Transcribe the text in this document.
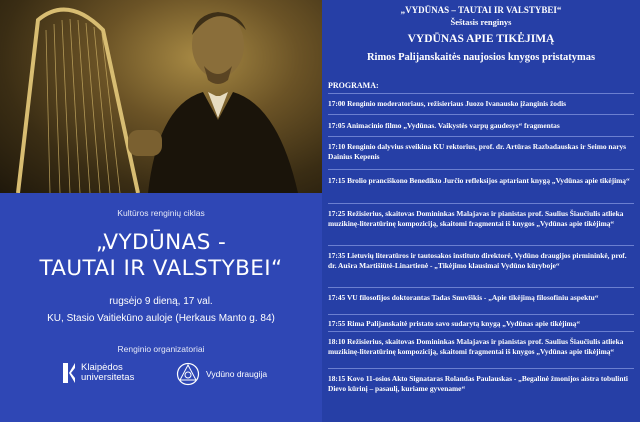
Kultūros renginių ciklas
„VYDŪNAS -
TAUTAI IR VALSTYBEI“
rugsėjo 9 dieną, 17 val.
KU, Stasio Vaitiekūno auloje (Herkaus Manto g. 84)
Renginio organizatoriai
Klaipėdos
universitetas	Vydūno draugija
„VYDŪNAS – TAUTAI IR VALSTYBEI“
Šeštasis renginys
VYDŪNAS APIE TIKĖJIMĄ
Rimos Palijanskaitės naujosios knygos pristatymas
PROGRAMA:
17:00 Renginio moderatoriaus, režisieriaus Juozo Ivanausko įžanginis žodis
17:05 Animacinio filmo „Vydūnas. Vaikystės varpų gaudesys“ fragmentas
17:10 Renginio dalyvius sveikina KU rektorius, prof. dr. Artūras Razbadauskas ir Seimo narys Dainius Kepenis
17:15 Brolio pranciškono Benedikto Jurčio refleksijos aptariant knygą „Vydūnas apie tikėjimą“
17:25 Režisierius, skaitovas Domininkas Malajavas ir pianistas prof. Saulius Šiaučiulis atlieka muzikinę-literatūrinę kompoziciją, skaitomi fragmentai iš knygos „Vydūnas apie tikėjimą“
17:35 Lietuvių literatūros ir tautosakos instituto direktorė, Vydūno draugijos pirmininkė, prof. dr. Aušra Martišiūtė-Linartienė - „Tikėjimo klausimai Vydūno kūryboje“
17:45 VU filosofijos doktorantas Tadas Snuviškis - „Apie tikėjimą filosofiniu aspektu“
17:55 Rima Palijanskaitė pristato savo sudarytą knygą „Vydūnas apie tikėjimą“
18:10 Režisierius, skaitovas Domininkas Malajavas ir pianistas prof. Saulius Šiaučiulis atlieka muzikinę-literatūrinę kompoziciją, skaitomi fragmentai iš knygos „Vydūnas apie tikėjimą“
18:15 Kovo 11-osios Akto Signataras Rolandas Paulauskas - „Begalinė žmonijos aistra tobulinti Dievo kūrinį – pasaulį, kuriame gyvename“
